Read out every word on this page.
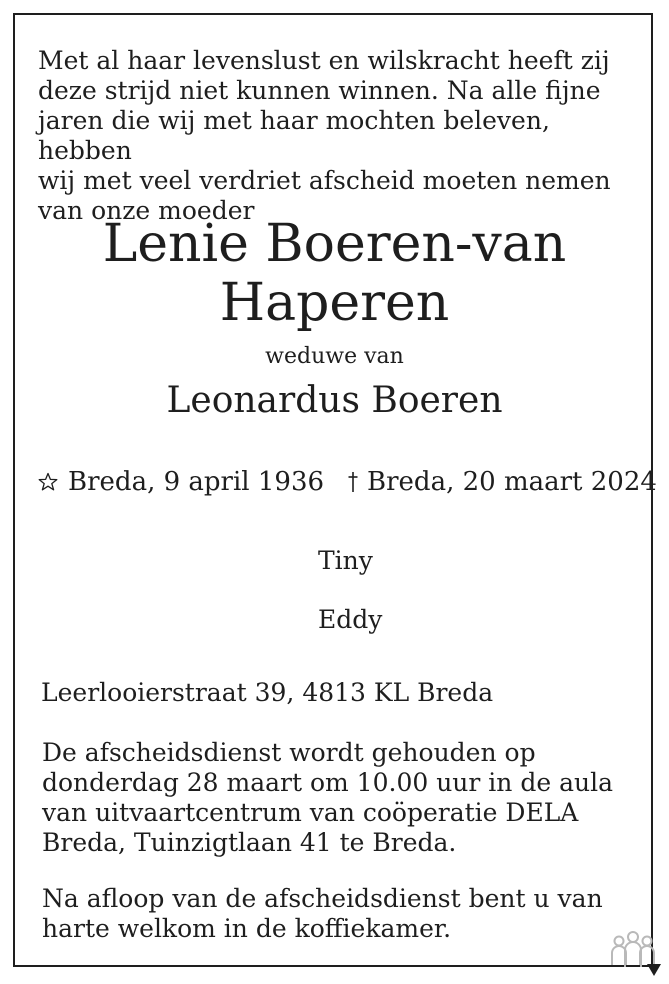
Met al haar levenslust en wilskracht heeft zij
deze strijd niet kunnen winnen. Na alle fijne
jaren die wij met haar mochten beleven, hebben
wij met veel verdriet afscheid moeten nemen
van onze moeder
Lenie Boeren-van
Haperen
weduwe van
Leonardus Boeren
Breda, 9 april 1936 Breda, 20 maart 2024
Tiny
Eddy
Leerlooierstraat 39, 4813 KL Breda
De afscheidsdienst wordt gehouden op
donderdag 28 maart om 10.00 uur in de aula
van uitvaartcentrum van coöperatie DELA
Breda, Tuinzigtlaan 41 te Breda.
Na afloop van de afscheidsdienst bent u van
harte welkom in de koffiekamer.
